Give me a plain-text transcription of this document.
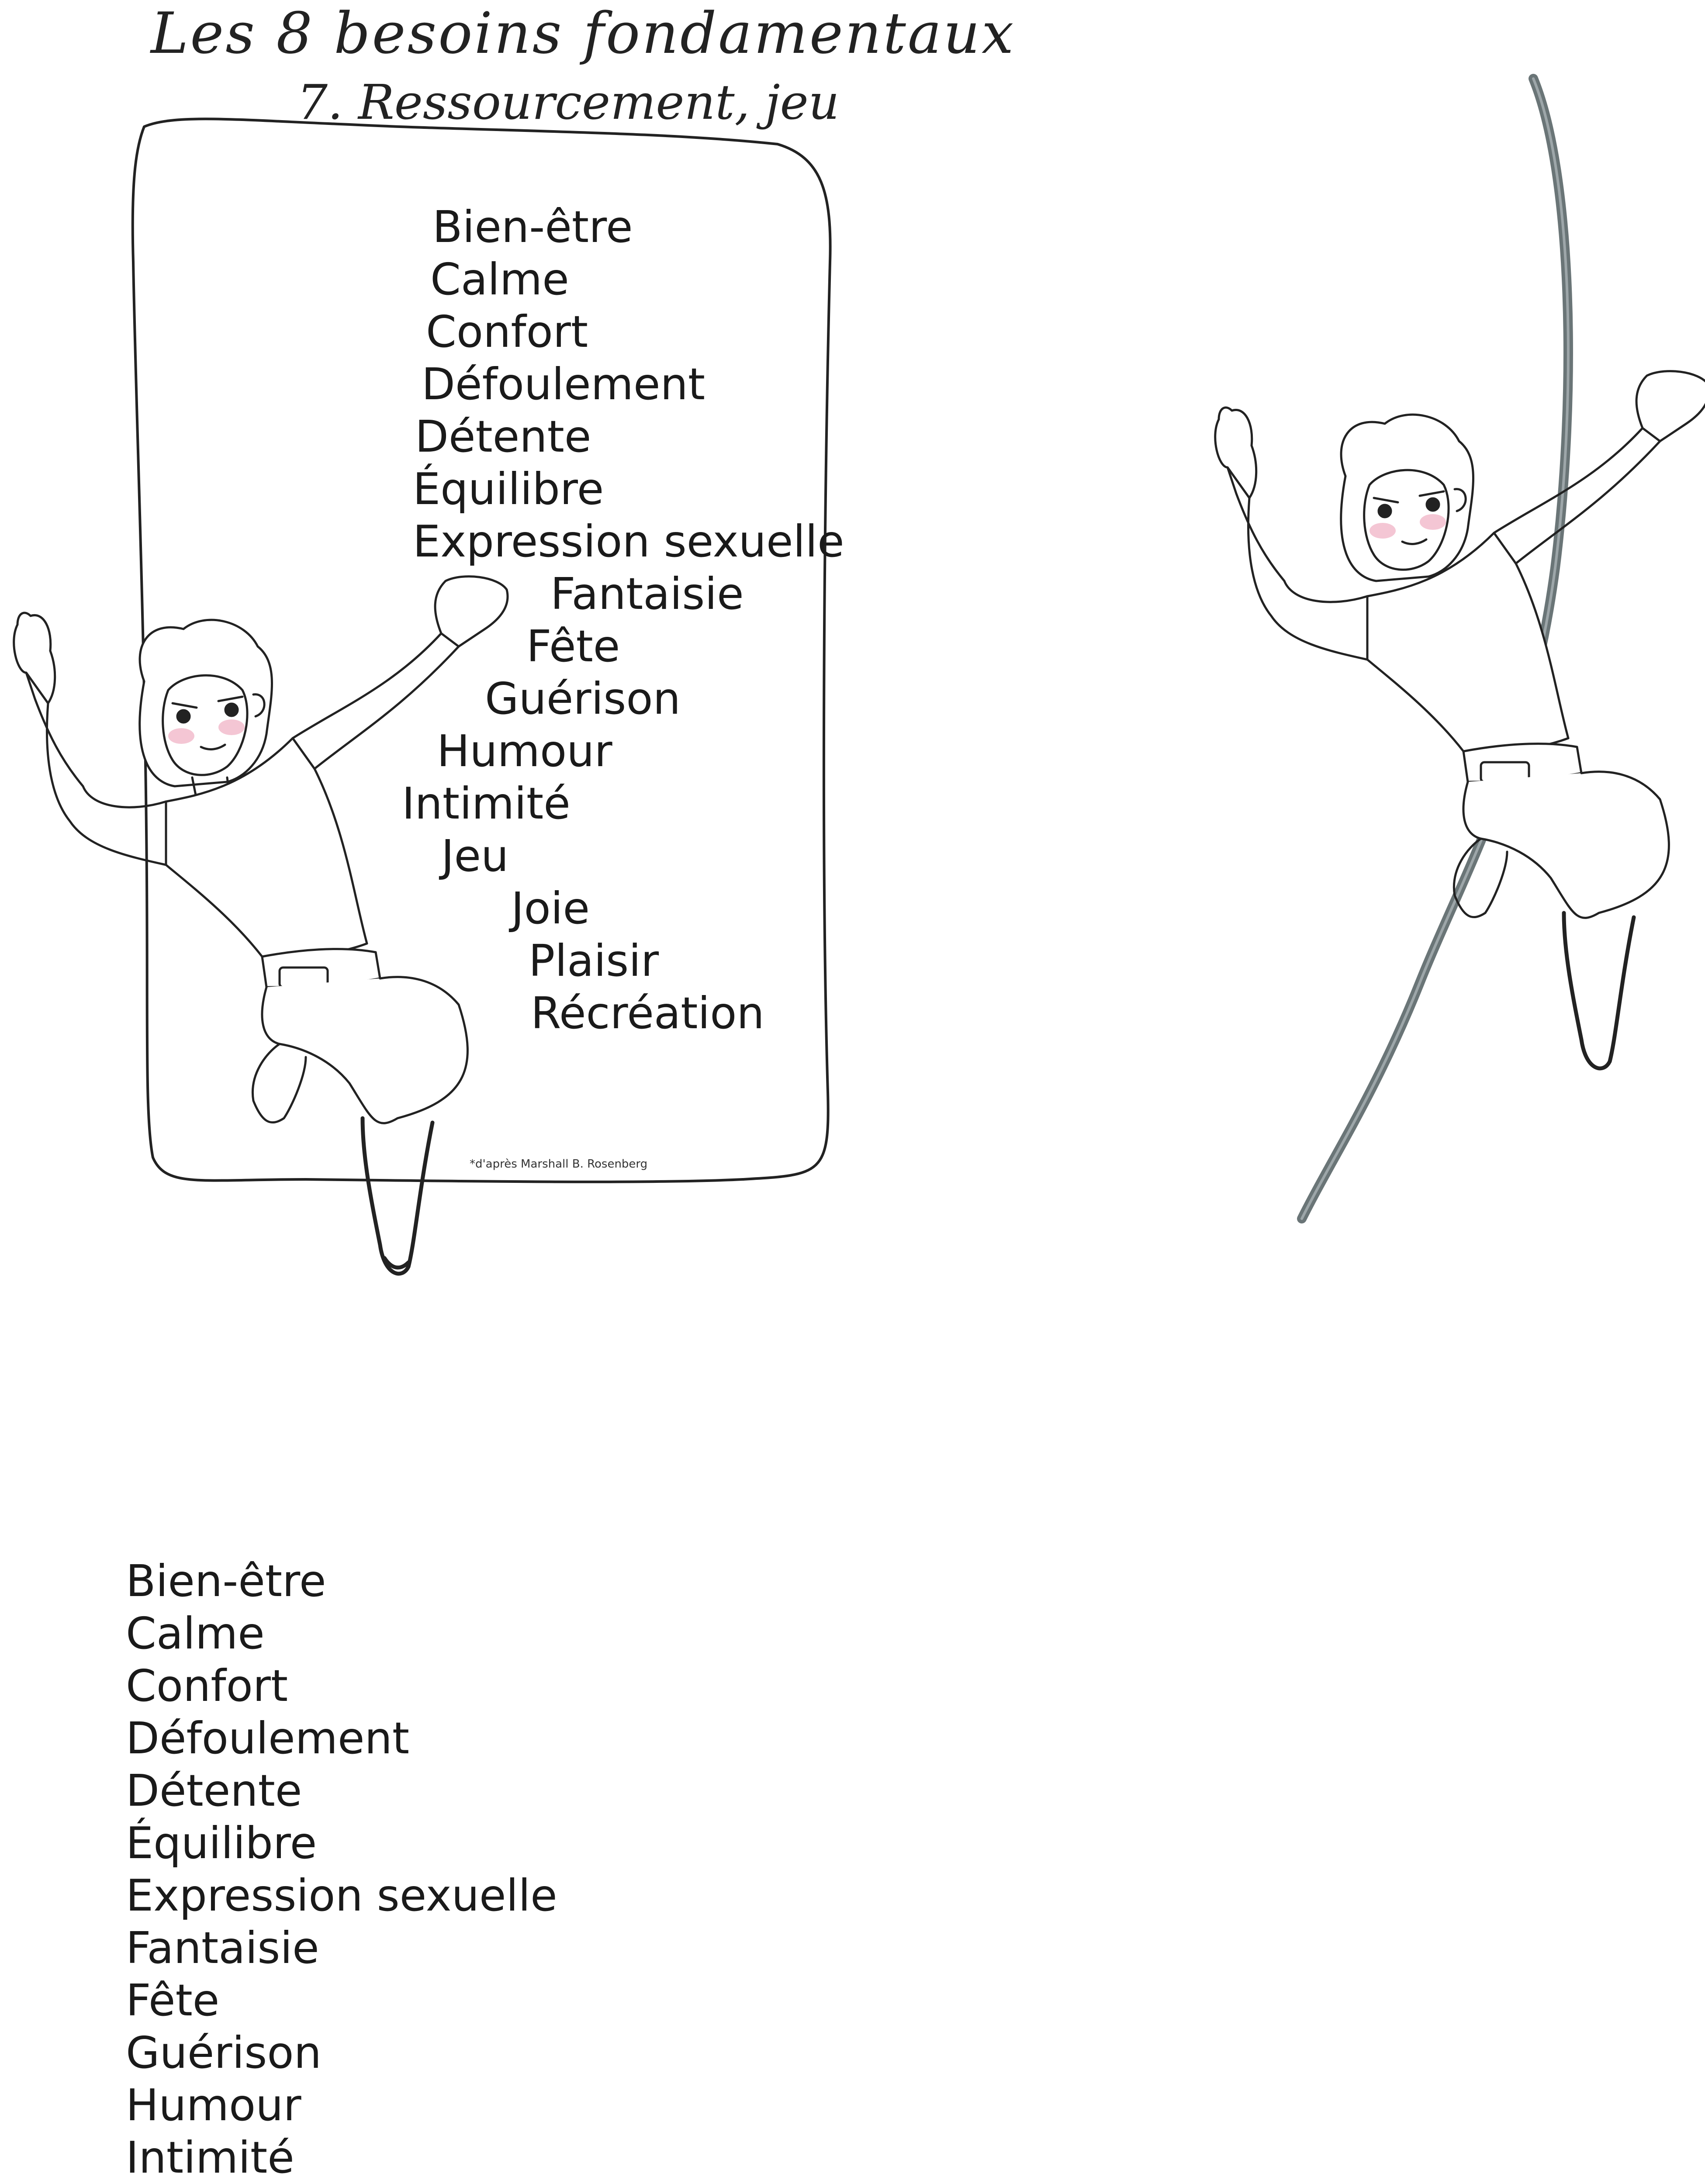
Les 8 besoins fondamentaux
7. Ressourcement, jeu
Bien-être
Calme
Confort
Défoulement
Détente
Équilibre
Expression sexuelle
Fantaisie
Fête
Guérison
Humour
Intimité
Jeu
Joie
Plaisir
Récréation
*d'après Marshall B. Rosenberg
Bien-être
Calme
Confort
Défoulement
Détente
Équilibre
Expression sexuelle
Fantaisie
Fête
Guérison
Humour
Intimité
